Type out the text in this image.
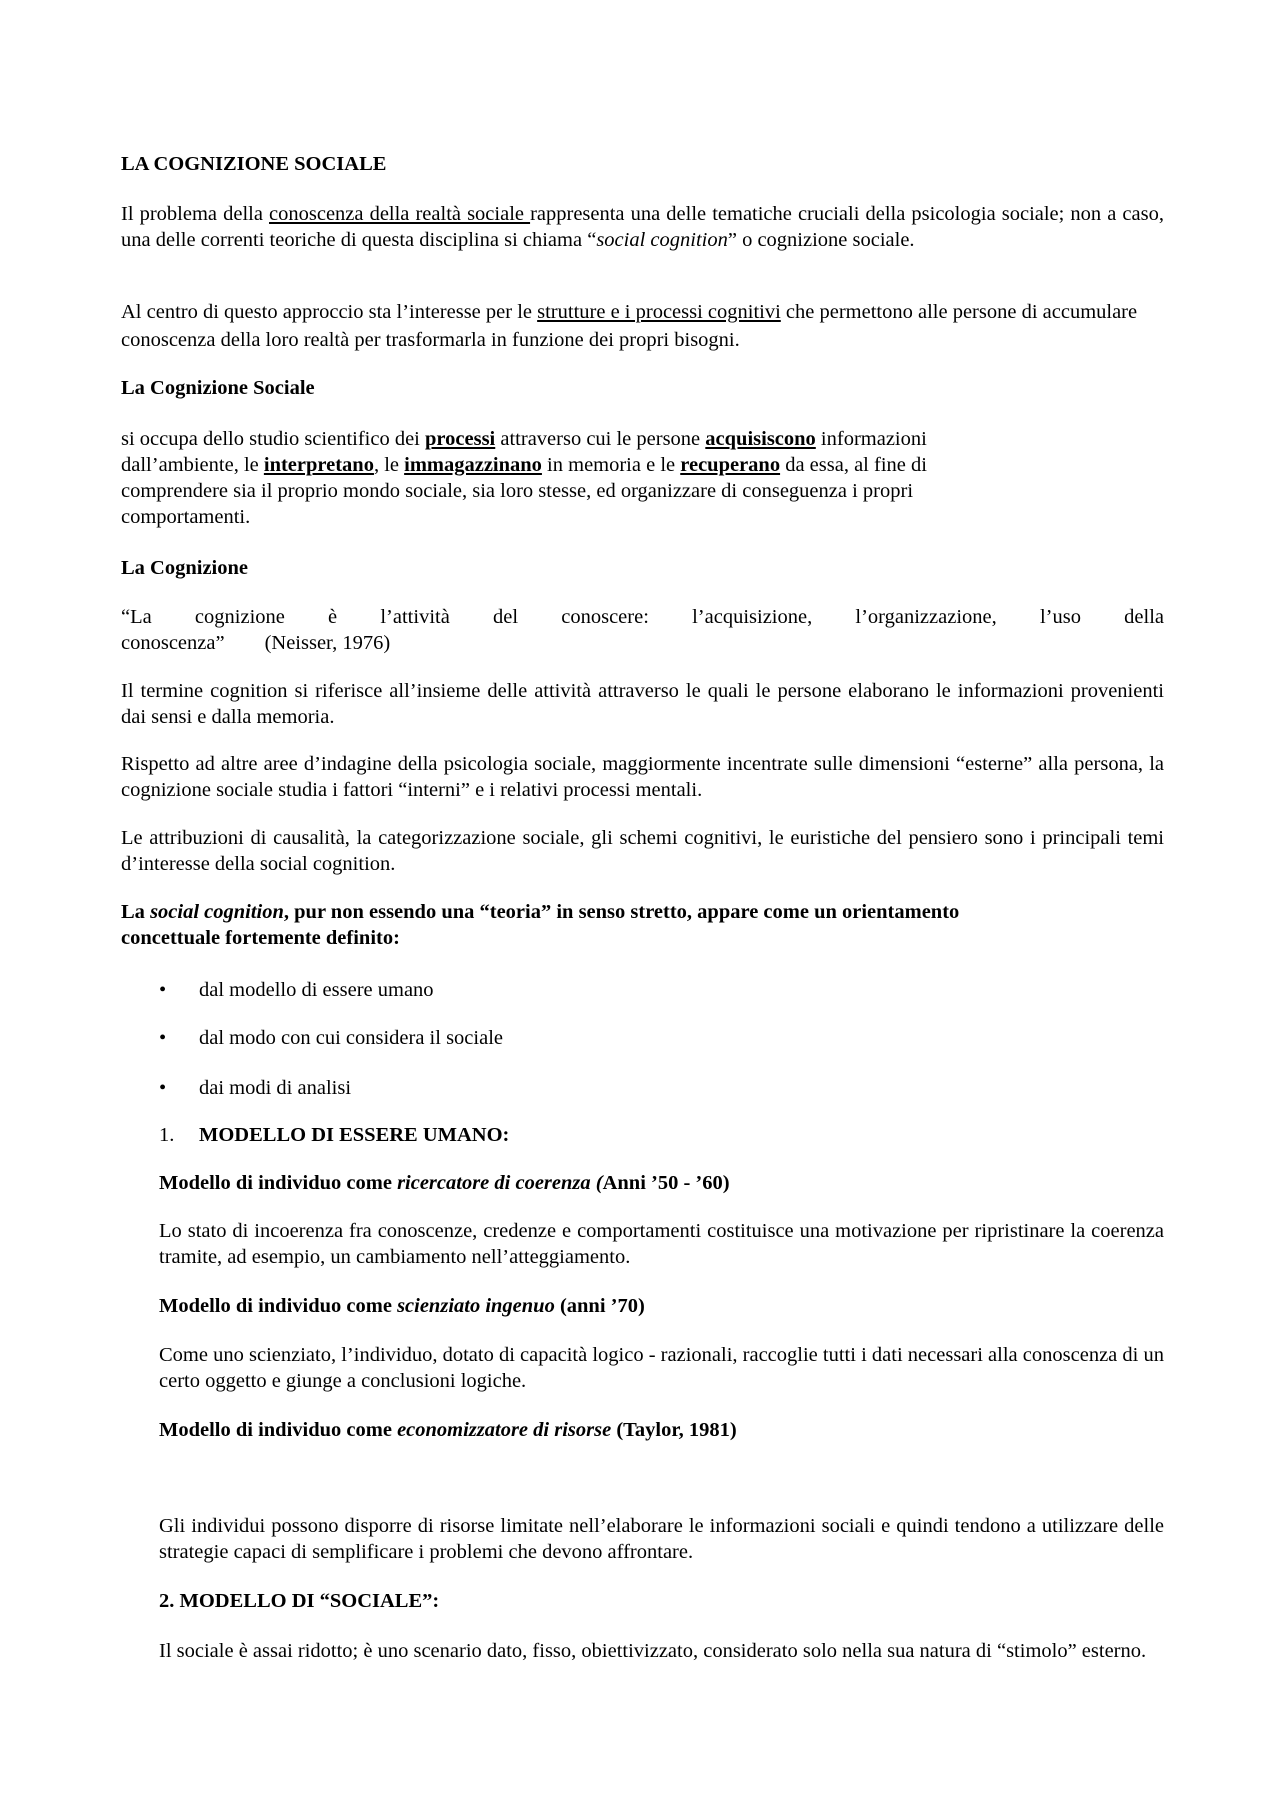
LA COGNIZIONE SOCIALE

Il problema della conoscenza della realtà sociale rappresenta una delle tematiche cruciali della psicologia sociale; non a caso, una delle correnti teoriche di questa disciplina si chiama “social cognition” o cognizione sociale.

Al centro di questo approccio sta l’interesse per le strutture e i processi cognitivi che permettono alle persone di accumulare conoscenza della loro realtà per trasformarla in funzione dei propri bisogni.

La Cognizione Sociale

si occupa dello studio scientifico dei processi attraverso cui le persone acquisiscono informazioni
dall’ambiente, le interpretano, le immagazzinano in memoria e le recuperano da essa, al fine di
comprendere sia il proprio mondo sociale, sia loro stesse, ed organizzare di conseguenza i propri
comportamenti.

La Cognizione

“La cognizione è l’attività del conoscere: l’acquisizione, l’organizzazione, l’uso della
conoscenza” (Neisser, 1976)

Il termine cognition si riferisce all’insieme delle attività attraverso le quali le persone elaborano le informazioni provenienti dai sensi e dalla memoria.

Rispetto ad altre aree d’indagine della psicologia sociale, maggiormente incentrate sulle dimensioni “esterne” alla persona, la cognizione sociale studia i fattori “interni” e i relativi processi mentali.

Le attribuzioni di causalità, la categorizzazione sociale, gli schemi cognitivi, le euristiche del pensiero sono i principali temi d’interesse della social cognition.

La social cognition, pur non essendo una “teoria” in senso stretto, appare come un orientamento
concettuale fortemente definito:
• dal modello di essere umano
• dal modo con cui considera il sociale
• dai modi di analisi
1. MODELLO DI ESSERE UMANO:

Modello di individuo come ricercatore di coerenza (Anni ’50 - ’60)

Lo stato di incoerenza fra conoscenze, credenze e comportamenti costituisce una motivazione per ripristinare la coerenza tramite, ad esempio, un cambiamento nell’atteggiamento.

Modello di individuo come scienziato ingenuo (anni ’70)

Come uno scienziato, l’individuo, dotato di capacità logico - razionali, raccoglie tutti i dati necessari alla conoscenza di un certo oggetto e giunge a conclusioni logiche.

Modello di individuo come economizzatore di risorse (Taylor, 1981)

Gli individui possono disporre di risorse limitate nell’elaborare le informazioni sociali e quindi tendono a utilizzare delle strategie capaci di semplificare i problemi che devono affrontare.

2. MODELLO DI “SOCIALE”:

Il sociale è assai ridotto; è uno scenario dato, fisso, obiettivizzato, considerato solo nella sua natura di “stimolo” esterno.
